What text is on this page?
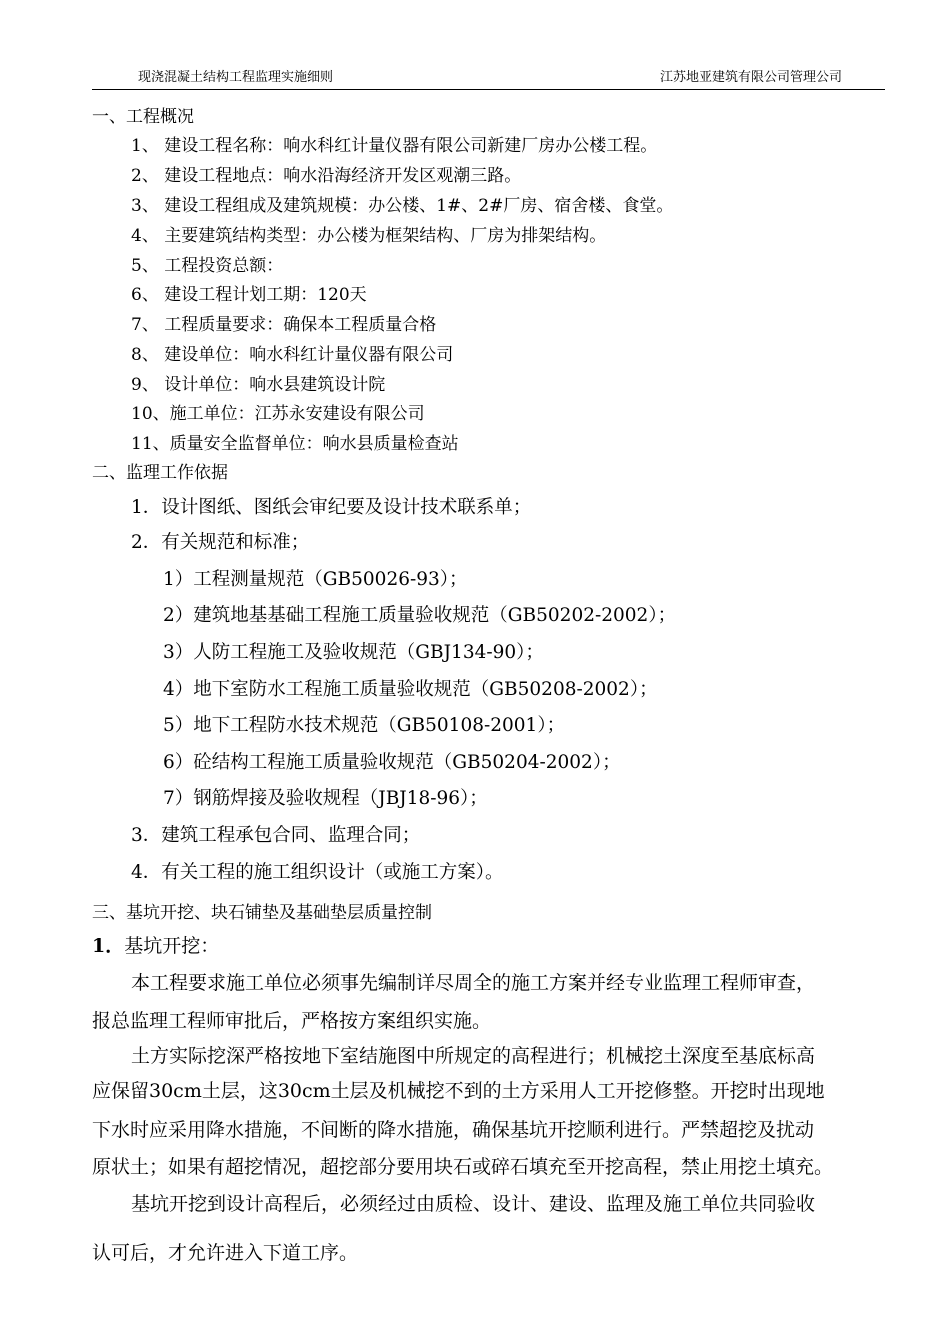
现浇混凝土结构工程监理实施细则	江苏地亚建筑有限公司管理公司
一、工程概况
1、 建设工程名称：响水科红计量仪器有限公司新建厂房办公楼工程。
2、 建设工程地点：响水沿海经济开发区观潮三路。
3、 建设工程组成及建筑规模：办公楼、1#、2#厂房、宿舍楼、食堂。
4、 主要建筑结构类型：办公楼为框架结构、厂房为排架结构。
5、 工程投资总额：
6、 建设工程计划工期：120天
7、 工程质量要求：确保本工程质量合格
8、 建设单位：响水科红计量仪器有限公司
9、 设计单位：响水县建筑设计院
10、施工单位：江苏永安建设有限公司
11、质量安全监督单位：响水县质量检查站
二、监理工作依据
1．设计图纸、图纸会审纪要及设计技术联系单；
2．有关规范和标准；
1）工程测量规范（GB50026-93）；
2）建筑地基基础工程施工质量验收规范（GB50202-2002）；
3）人防工程施工及验收规范（GBJ134-90）；
4）地下室防水工程施工质量验收规范（GB50208-2002）；
5）地下工程防水技术规范（GB50108-2001）；
6）砼结构工程施工质量验收规范（GB50204-2002）；
7）钢筋焊接及验收规程（JBJ18-96）；
3．建筑工程承包合同、监理合同；
4．有关工程的施工组织设计（或施工方案）。
三、基坑开挖、块石铺垫及基础垫层质量控制
1．基坑开挖：
本工程要求施工单位必须事先编制详尽周全的施工方案并经专业监理工程师审查，
报总监理工程师审批后，严格按方案组织实施。
土方实际挖深严格按地下室结施图中所规定的高程进行；机械挖土深度至基底标高
应保留30cm土层，这30cm土层及机械挖不到的土方采用人工开挖修整。开挖时出现地
下水时应采用降水措施，不间断的降水措施，确保基坑开挖顺利进行。严禁超挖及扰动
原状土；如果有超挖情况，超挖部分要用块石或碎石填充至开挖高程，禁止用挖土填充。
基坑开挖到设计高程后，必须经过由质检、设计、建设、监理及施工单位共同验收
认可后，才允许进入下道工序。
